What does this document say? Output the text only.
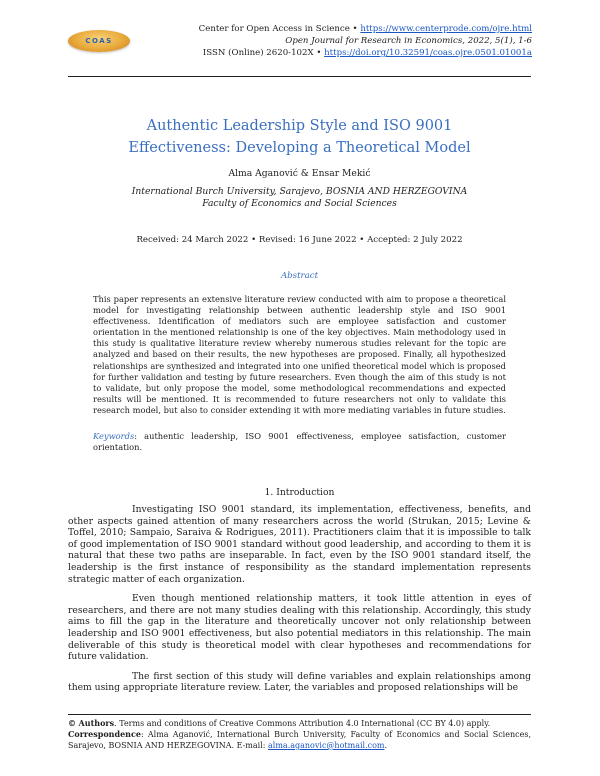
COAS
Center for Open Access in Science • https://www.centerprode.com/ojre.html
Open Journal for Research in Economics, 2022, 5(1), 1-6
ISSN (Online) 2620-102X • https://doi.org/10.32591/coas.ojre.0501.01001a
Authentic Leadership Style and ISO 9001
Effectiveness: Developing a Theoretical Model
Alma Aganović & Ensar Mekić
International Burch University, Sarajevo, BOSNIA AND HERZEGOVINA
Faculty of Economics and Social Sciences
Received: 24 March 2022 • Revised: 16 June 2022 • Accepted: 2 July 2022
Abstract
This paper represents an extensive literature review conducted with aim to propose a theoretical model for investigating relationship between authentic leadership style and ISO 9001 effectiveness. Identification of mediators such are employee satisfaction and customer orientation in the mentioned relationship is one of the key objectives. Main methodology used in this study is qualitative literature review whereby numerous studies relevant for the topic are analyzed and based on their results, the new hypotheses are proposed. Finally, all hypothesized relationships are synthesized and integrated into one unified theoretical model which is proposed for further validation and testing by future researchers. Even though the aim of this study is not to validate, but only propose the model, some methodological recommendations and expected results will be mentioned. It is recommended to future researchers not only to validate this research model, but also to consider extending it with more mediating variables in future studies.
Keywords: authentic leadership, ISO 9001 effectiveness, employee satisfaction, customer orientation.
1. Introduction

Investigating ISO 9001 standard, its implementation, effectiveness, benefits, and other aspects gained attention of many researchers across the world (Strukan, 2015; Levine & Toffel, 2010; Sampaio, Saraiva & Rodrigues, 2011). Practitioners claim that it is impossible to talk of good implementation of ISO 9001 standard without good leadership, and according to them it is natural that these two paths are inseparable. In fact, even by the ISO 9001 standard itself, the leadership is the first instance of responsibility as the standard implementation represents strategic matter of each organization.

Even though mentioned relationship matters, it took little attention in eyes of researchers, and there are not many studies dealing with this relationship. Accordingly, this study aims to fill the gap in the literature and theoretically uncover not only relationship between leadership and ISO 9001 effectiveness, but also potential mediators in this relationship. The main deliverable of this study is theoretical model with clear hypotheses and recommendations for future validation.

The first section of this study will define variables and explain relationships among them using appropriate literature review. Later, the variables and proposed relationships will be

© Authors. Terms and conditions of Creative Commons Attribution 4.0 International (CC BY 4.0) apply.
Correspondence: Alma Aganović, International Burch University, Faculty of Economics and Social Sciences, Sarajevo, BOSNIA AND HERZEGOVINA. E-mail: alma.aganovic@hotmail.com.
